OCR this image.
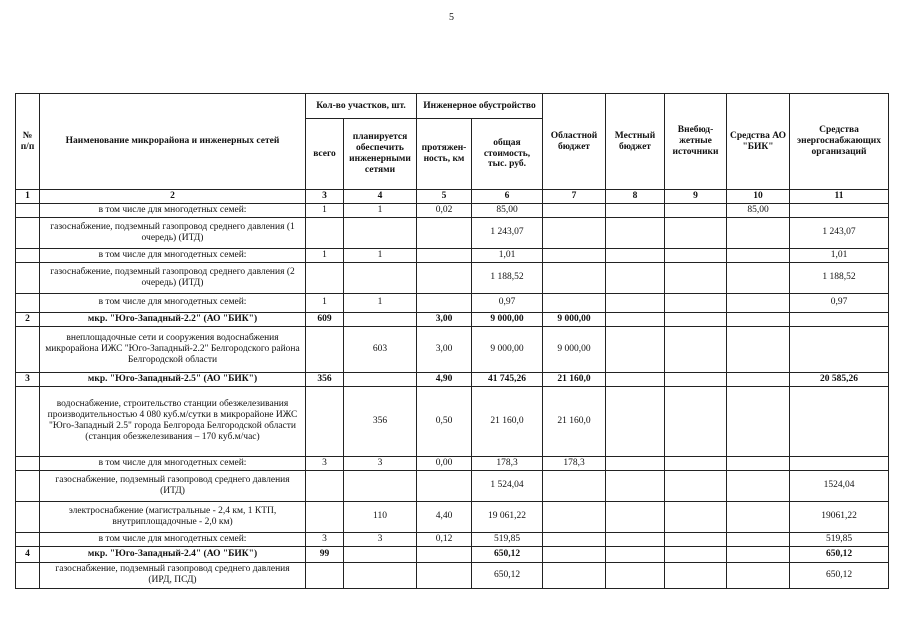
5
№ п/п	Наименование микрорайона и инженерных сетей	Кол-во участков, шт.		Инженерное обустройство		Областной бюджет	Местный бюджет	Внебюд-жетные источники	Средства АО "БИК"	Средства энергоснабжающих организаций
		всего	планируется обеспечить инженерными сетями	протяжен-ность, км	общая стоимость, тыс. руб.					
1	2	3	4	5	6	7	8	9	10	11
	в том числе для многодетных семей:	1	1	0,02	85,00				85,00	
	газоснабжение, подземный газопровод среднего давления (1 очередь) (ИТД)				1 243,07					1 243,07
	в том числе для многодетных семей:	1	1		1,01					1,01
	газоснабжение, подземный газопровод среднего давления (2 очередь) (ИТД)				1 188,52					1 188,52
	в том числе для многодетных семей:	1	1		0,97					0,97
2	мкр. "Юго-Западный-2.2" (АО "БИК")	609		3,00	9 000,00	9 000,00				
	внеплощадочные сети и сооружения водоснабжения микрорайона ИЖС "Юго-Западный-2.2" Белгородского района Белгородской области		603	3,00	9 000,00	9 000,00				
3	мкр. "Юго-Западный-2.5" (АО "БИК")	356		4,90	41 745,26	21 160,0				20 585,26
	водоснабжение, строительство станции обезжелезивания производительностью 4 080 куб.м/сутки в микрорайоне ИЖС "Юго-Западный 2.5" города Белгорода Белгородской области (станция обезжелезивания – 170 куб.м/час)		356	0,50	21 160,0	21 160,0				
	в том числе для многодетных семей:	3	3	0,00	178,3	178,3				
	газоснабжение, подземный газопровод среднего давления (ИТД)				1 524,04					1524,04
	электроснабжение (магистральные - 2,4 км, 1 КТП, внутриплощадочные - 2,0 км)		110	4,40	19 061,22					19061,22
	в том числе для многодетных семей:	3	3	0,12	519,85					519,85
4	мкр. "Юго-Западный-2.4" (АО "БИК")	99			650,12					650,12
	газоснабжение, подземный газопровод среднего давления (ИРД, ПСД)				650,12					650,12
